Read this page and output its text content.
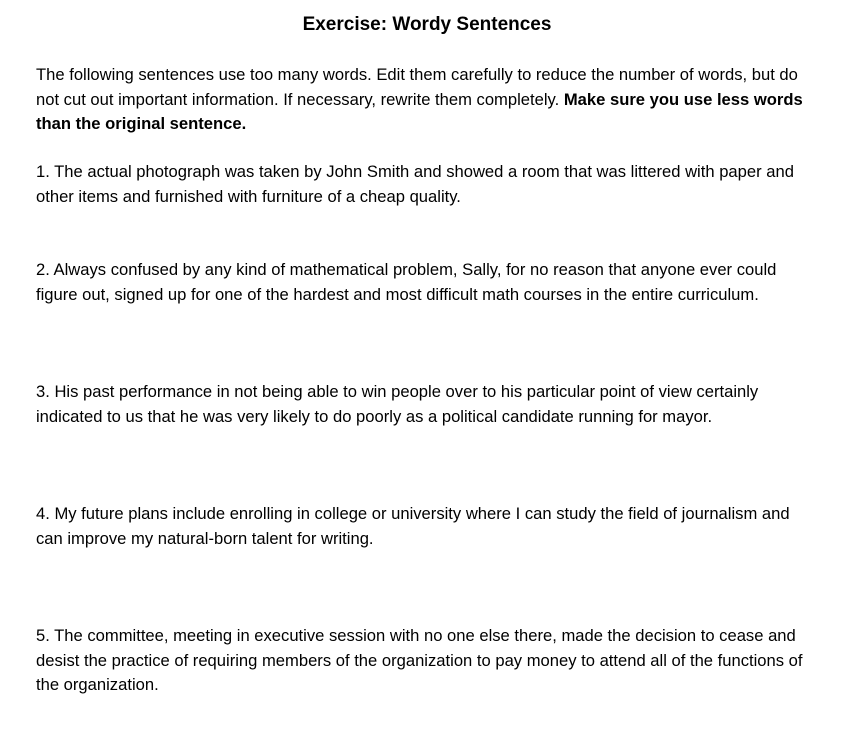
Exercise: Wordy Sentences

The following sentences use too many words. Edit them carefully to reduce the number of words, but do not cut out important information. If necessary, rewrite them completely. Make sure you use less words than the original sentence.

1. The actual photograph was taken by John Smith and showed a room that was littered with paper and other items and furnished with furniture of a cheap quality.

2. Always confused by any kind of mathematical problem, Sally, for no reason that anyone ever could figure out, signed up for one of the hardest and most difficult math courses in the entire curriculum.

3. His past performance in not being able to win people over to his particular point of view certainly indicated to us that he was very likely to do poorly as a political candidate running for mayor.

4. My future plans include enrolling in college or university where I can study the field of journalism and can improve my natural-born talent for writing.

5. The committee, meeting in executive session with no one else there, made the decision to cease and desist the practice of requiring members of the organization to pay money to attend all of the functions of the organization.
